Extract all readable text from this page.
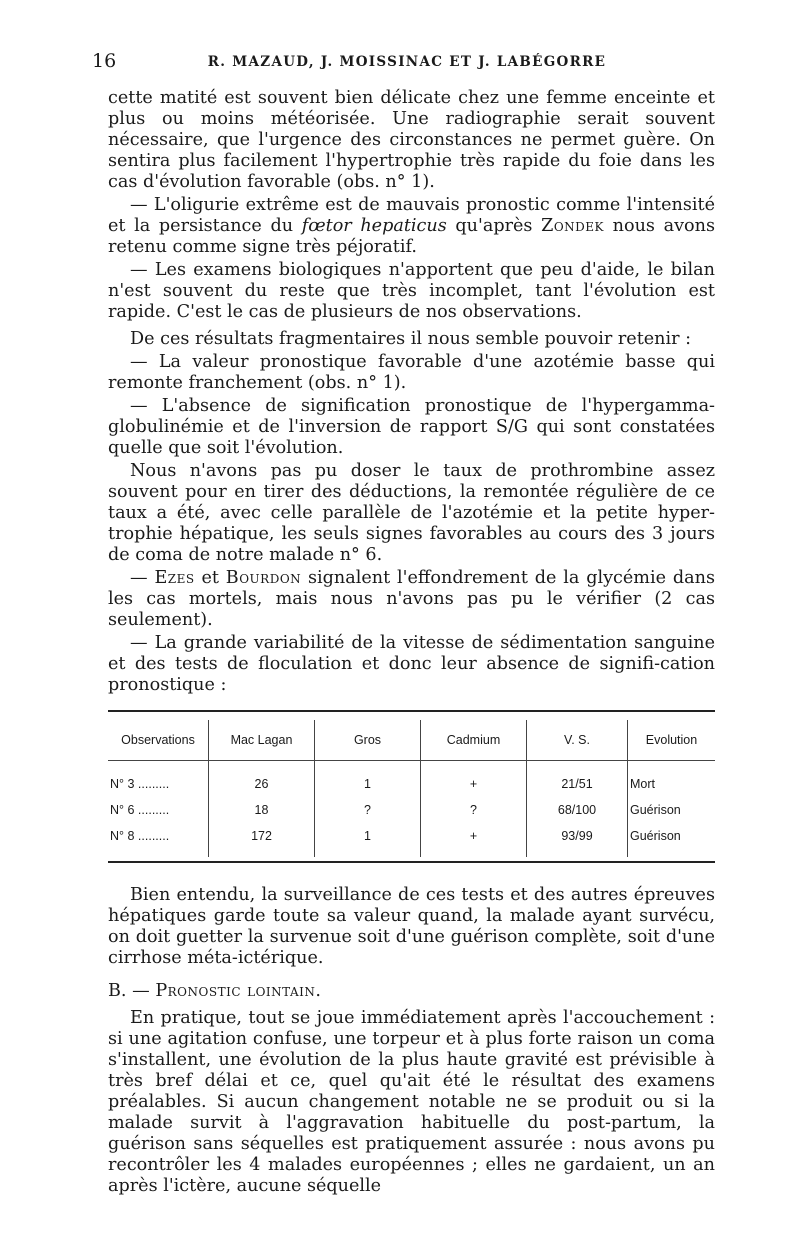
16	R. MAZAUD, J. MOISSINAC ET J. LABÉGORRE

cette matité est souvent bien délicate chez une femme enceinte et plus ou moins météorisée. Une radiographie serait souvent nécessaire, que l'urgence des circonstances ne permet guère. On sentira plus facilement l'hypertrophie très rapide du foie dans les cas d'évolution favorable (obs. n° 1).

— L'oligurie extrême est de mauvais pronostic comme l'intensité et la persistance du fœtor hepaticus qu'après Zondek nous avons retenu comme signe très péjoratif.

— Les examens biologiques n'apportent que peu d'aide, le bilan n'est souvent du reste que très incomplet, tant l'évolution est rapide. C'est le cas de plusieurs de nos observations.

De ces résultats fragmentaires il nous semble pouvoir retenir :

— La valeur pronostique favorable d'une azotémie basse qui remonte franchement (obs. n° 1).

— L'absence de signification pronostique de l'hypergamma-globulinémie et de l'inversion de rapport S/G qui sont constatées quelle que soit l'évolution.

Nous n'avons pas pu doser le taux de prothrombine assez souvent pour en tirer des déductions, la remontée régulière de ce taux a été, avec celle parallèle de l'azotémie et la petite hyper-trophie hépatique, les seuls signes favorables au cours des 3 jours de coma de notre malade n° 6.

— Ezes et Bourdon signalent l'effondrement de la glycémie dans les cas mortels, mais nous n'avons pas pu le vérifier (2 cas seulement).

— La grande variabilité de la vitesse de sédimentation sanguine et des tests de floculation et donc leur absence de signifi-cation pronostique :

Observations	Mac Lagan	Gros	Cadmium	V. S.	Evolution
N° 3 .........	26	1	+	21/51	Mort
N° 6 .........	18	?	?	68/100	Guérison
N° 8 .........	172	1	+	93/99	Guérison

Bien entendu, la surveillance de ces tests et des autres épreuves hépatiques garde toute sa valeur quand, la malade ayant survécu, on doit guetter la survenue soit d'une guérison complète, soit d'une cirrhose méta-ictérique.

B. — Pronostic lointain.

En pratique, tout se joue immédiatement après l'accouchement : si une agitation confuse, une torpeur et à plus forte raison un coma s'installent, une évolution de la plus haute gravité est prévisible à très bref délai et ce, quel qu'ait été le résultat des examens préalables. Si aucun changement notable ne se produit ou si la malade survit à l'aggravation habituelle du post-partum, la guérison sans séquelles est pratiquement assurée : nous avons pu recontrôler les 4 malades européennes ; elles ne gardaient, un an après l'ictère, aucune séquelle
